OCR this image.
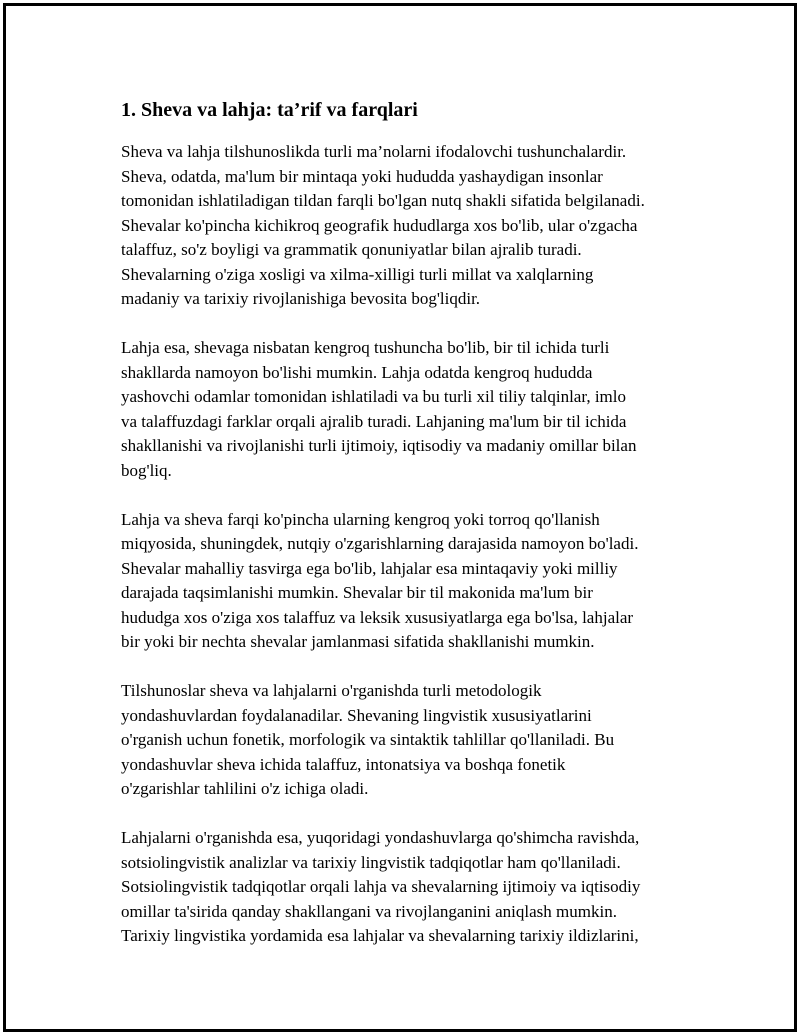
1. Sheva va lahja: ta’rif va farqlari
Sheva va lahja tilshunoslikda turli ma’nolarni ifodalovchi tushunchalardir.
Sheva, odatda, ma'lum bir mintaqa yoki hududda yashaydigan insonlar
tomonidan ishlatiladigan tildan farqli bo'lgan nutq shakli sifatida belgilanadi.
Shevalar ko'pincha kichikroq geografik hududlarga xos bo'lib, ular o'zgacha
talaffuz, so'z boyligi va grammatik qonuniyatlar bilan ajralib turadi.
Shevalarning o'ziga xosligi va xilma-xilligi turli millat va xalqlarning
madaniy va tarixiy rivojlanishiga bevosita bog'liqdir.
Lahja esa, shevaga nisbatan kengroq tushuncha bo'lib, bir til ichida turli
shakllarda namoyon bo'lishi mumkin. Lahja odatda kengroq hududda
yashovchi odamlar tomonidan ishlatiladi va bu turli xil tiliy talqinlar, imlo
va talaffuzdagi farklar orqali ajralib turadi. Lahjaning ma'lum bir til ichida
shakllanishi va rivojlanishi turli ijtimoiy, iqtisodiy va madaniy omillar bilan
bog'liq.
Lahja va sheva farqi ko'pincha ularning kengroq yoki torroq qo'llanish
miqyosida, shuningdek, nutqiy o'zgarishlarning darajasida namoyon bo'ladi.
Shevalar mahalliy tasvirga ega bo'lib, lahjalar esa mintaqaviy yoki milliy
darajada taqsimlanishi mumkin. Shevalar bir til makonida ma'lum bir
hududga xos o'ziga xos talaffuz va leksik xususiyatlarga ega bo'lsa, lahjalar
bir yoki bir nechta shevalar jamlanmasi sifatida shakllanishi mumkin.
Tilshunoslar sheva va lahjalarni o'rganishda turli metodologik
yondashuvlardan foydalanadilar. Shevaning lingvistik xususiyatlarini
o'rganish uchun fonetik, morfologik va sintaktik tahlillar qo'llaniladi. Bu
yondashuvlar sheva ichida talaffuz, intonatsiya va boshqa fonetik
o'zgarishlar tahlilini o'z ichiga oladi.
Lahjalarni o'rganishda esa, yuqoridagi yondashuvlarga qo'shimcha ravishda,
sotsiolingvistik analizlar va tarixiy lingvistik tadqiqotlar ham qo'llaniladi.
Sotsiolingvistik tadqiqotlar orqali lahja va shevalarning ijtimoiy va iqtisodiy
omillar ta'sirida qanday shakllangani va rivojlanganini aniqlash mumkin.
Tarixiy lingvistika yordamida esa lahjalar va shevalarning tarixiy ildizlarini,
